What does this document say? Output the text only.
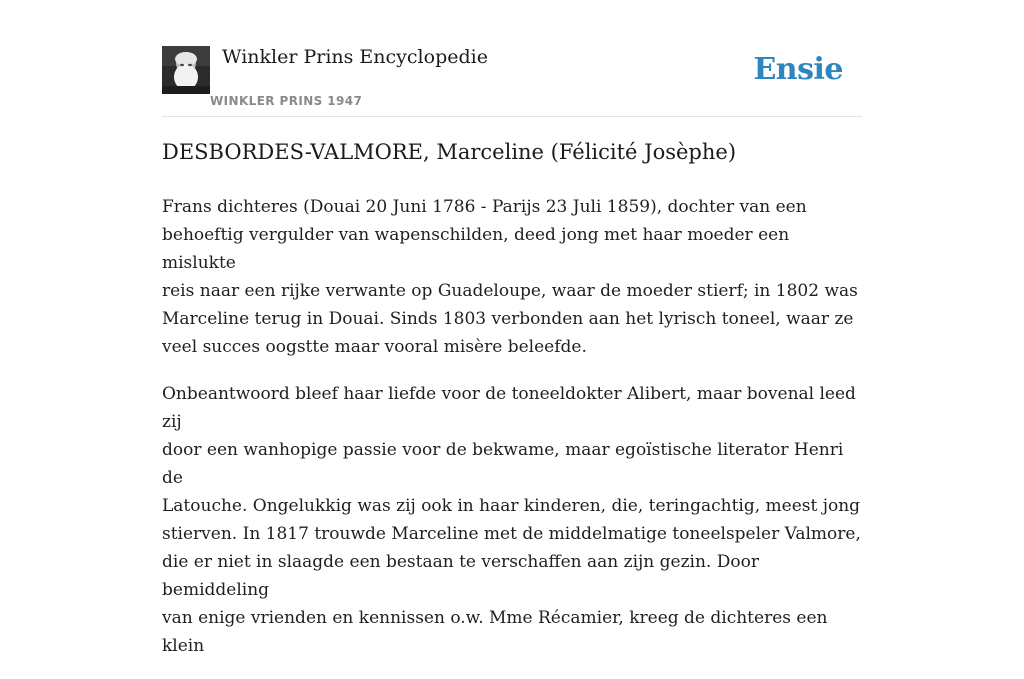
Winkler Prins Encyclopedie
WINKLER PRINS 1947
Ensie
DESBORDES-VALMORE, Marceline (Félicité Josèphe)

Frans dichteres (Douai 20 Juni 1786 - Parijs 23 Juli 1859), dochter van een
behoeftig vergulder van wapenschilden, deed jong met haar moeder een mislukte
reis naar een rijke verwante op Guadeloupe, waar de moeder stierf; in 1802 was
Marceline terug in Douai. Sinds 1803 verbonden aan het lyrisch toneel, waar ze
veel succes oogstte maar vooral misère beleefde.

Onbeantwoord bleef haar liefde voor de toneeldokter Alibert, maar bovenal leed zij
door een wanhopige passie voor de bekwame, maar egoïstische literator Henri de
Latouche. Ongelukkig was zij ook in haar kinderen, die, teringachtig, meest jong
stierven. In 1817 trouwde Marceline met de middelmatige toneelspeler Valmore,
die er niet in slaagde een bestaan te verschaffen aan zijn gezin. Door bemiddeling
van enige vrienden en kennissen o.w. Mme Récamier, kreeg de dichteres een klein
